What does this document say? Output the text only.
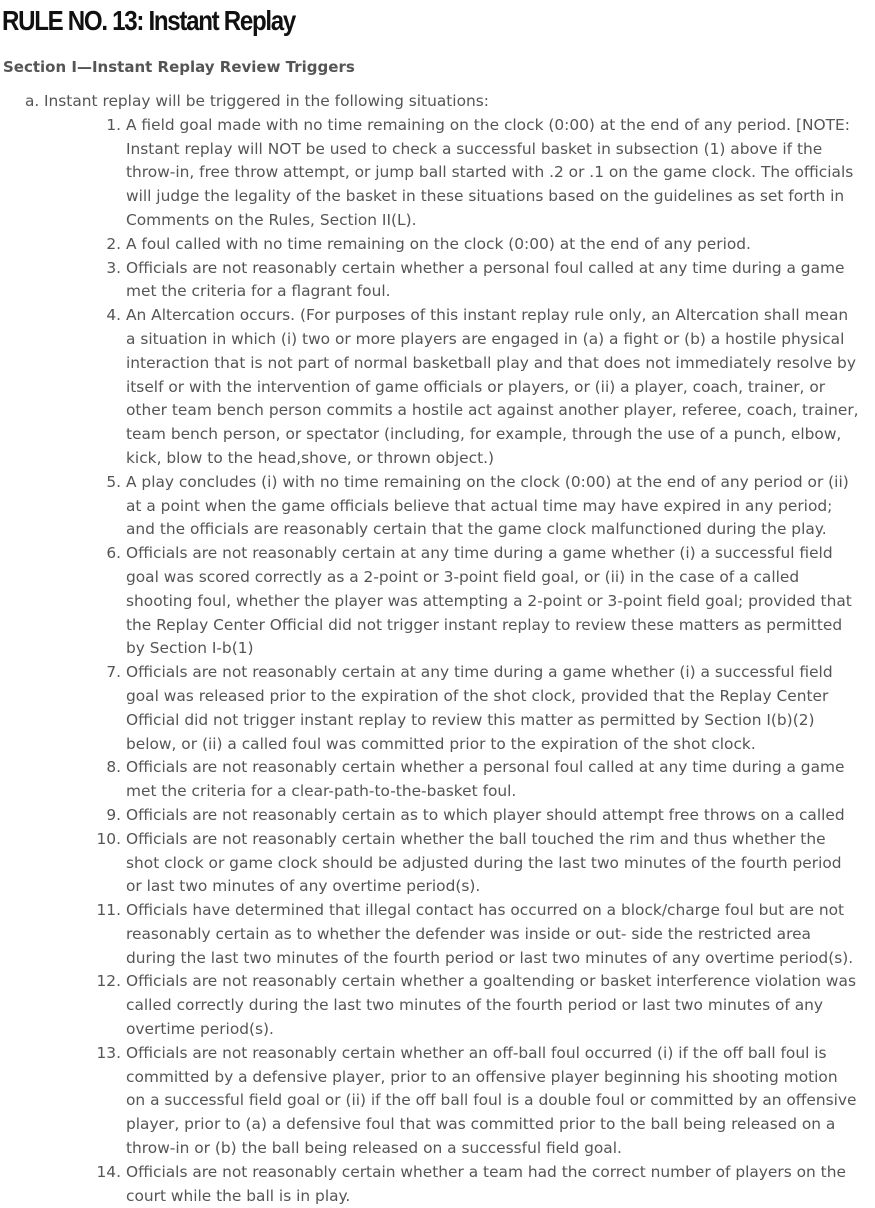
RULE NO. 13: Instant Replay
Section I—Instant Replay Review Triggers
a. Instant replay will be triggered in the following situations:
1. A field goal made with no time remaining on the clock (0:00) at the end of any period. [NOTE: Instant replay will NOT be used to check a successful basket in subsection (1) above if the throw-in, free throw attempt, or jump ball started with .2 or .1 on the game clock. The officials will judge the legality of the basket in these situations based on the guidelines as set forth in Comments on the Rules, Section II(L).
2. A foul called with no time remaining on the clock (0:00) at the end of any period.
3. Officials are not reasonably certain whether a personal foul called at any time during a game met the criteria for a flagrant foul.
4. An Altercation occurs. (For purposes of this instant replay rule only, an Altercation shall mean a situation in which (i) two or more players are engaged in (a) a fight or (b) a hostile physical interaction that is not part of normal basketball play and that does not immediately resolve by itself or with the intervention of game officials or players, or (ii) a player, coach, trainer, or other team bench person commits a hostile act against another player, referee, coach, trainer, team bench person, or spectator (including, for example, through the use of a punch, elbow, kick, blow to the head,shove, or thrown object.)
5. A play concludes (i) with no time remaining on the clock (0:00) at the end of any period or (ii) at a point when the game officials believe that actual time may have expired in any period; and the officials are reasonably certain that the game clock malfunctioned during the play.
6. Officials are not reasonably certain at any time during a game whether (i) a successful field goal was scored correctly as a 2-point or 3-point field goal, or (ii) in the case of a called shooting foul, whether the player was attempting a 2-point or 3-point field goal; provided that the Replay Center Official did not trigger instant replay to review these matters as permitted by Section I-b(1)
7. Officials are not reasonably certain at any time during a game whether (i) a successful field goal was released prior to the expiration of the shot clock, provided that the Replay Center Official did not trigger instant replay to review this matter as permitted by Section I(b)(2) below, or (ii) a called foul was committed prior to the expiration of the shot clock.
8. Officials are not reasonably certain whether a personal foul called at any time during a game met the criteria for a clear-path-to-the-basket foul.
9. Officials are not reasonably certain as to which player should attempt free throws on a called
10. Officials are not reasonably certain whether the ball touched the rim and thus whether the shot clock or game clock should be adjusted during the last two minutes of the fourth period or last two minutes of any overtime period(s).
11. Officials have determined that illegal contact has occurred on a block/charge foul but are not reasonably certain as to whether the defender was inside or out- side the restricted area during the last two minutes of the fourth period or last two minutes of any overtime period(s).
12. Officials are not reasonably certain whether a goaltending or basket interference violation was called correctly during the last two minutes of the fourth period or last two minutes of any overtime period(s).
13. Officials are not reasonably certain whether an off-ball foul occurred (i) if the off ball foul is committed by a defensive player, prior to an offensive player beginning his shooting motion on a successful field goal or (ii) if the off ball foul is a double foul or committed by an offensive player, prior to (a) a defensive foul that was committed prior to the ball being released on a throw-in or (b) the ball being released on a successful field goal.
14. Officials are not reasonably certain whether a team had the correct number of players on the court while the ball is in play.
